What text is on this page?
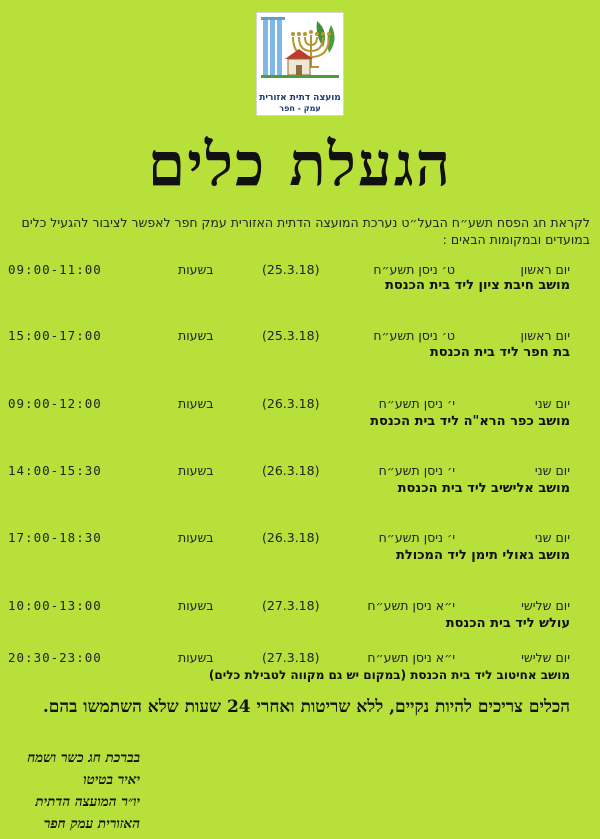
מועצה דתית אזורית
עמק - חפר
הגעלת כלים
לקראת חג הפסח תשע״ח הבעל״ט נערכת המועצה הדתית האזורית עמק חפר לאפשר לציבור להגעיל כלים במועדים ובמקומות הבאים :
יום ראשון
ט׳ ניסן תשע״ח
(25.3.18)
בשעות
09:00-11:00
מושב חיבת ציון ליד בית הכנסת
יום ראשון
ט׳ ניסן תשע״ח
(25.3.18)
בשעות
15:00-17:00
בת חפר ליד בית הכנסת
יום שני
י׳ ניסן תשע״ח
(26.3.18)
בשעות
09:00-12:00
מושב כפר הרא"ה ליד בית הכנסת
יום שני
י׳ ניסן תשע״ח
(26.3.18)
בשעות
14:00-15:30
מושב אלישיב ליד בית הכנסת
יום שני
י׳ ניסן תשע״ח
(26.3.18)
בשעות
17:00-18:30
מושב גאולי תימן ליד המכולת
יום שלישי
י״א ניסן תשע״ח
(27.3.18)
בשעות
10:00-13:00
עולש ליד בית הכנסת
יום שלישי
י״א ניסן תשע״ח
(27.3.18)
בשעות
20:30-23:00
מושב אחיטוב ליד בית הכנסת (במקום יש גם מקווה לטבילת כלים)
הכלים צריכים להיות נקיים, ללא שריטות ואחרי 24 שעות שלא השתמשו בהם.
בברכת חג כשר ושמח
יאיר בטיטו
יו״ר המועצה הדתית
האזורית עמק חפר
